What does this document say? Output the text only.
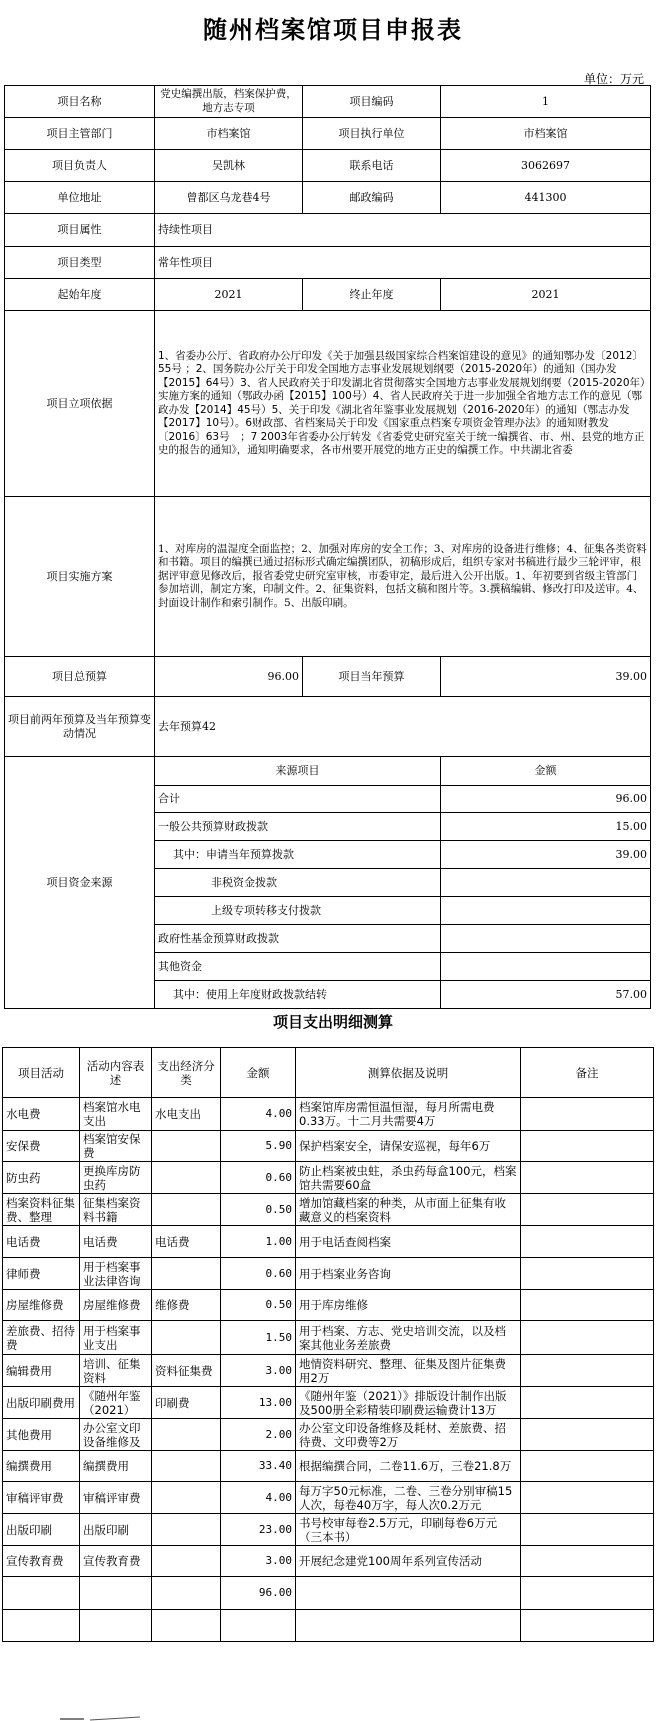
随州档案馆项目申报表
单位：万元
项目名称	党史编撰出版，档案保护费，地方志专项	项目编码	1
项目主管部门	市档案馆	项目执行单位	市档案馆
项目负责人	吴凯林	联系电话	3062697
单位地址	曾都区乌龙巷4号	邮政编码	441300
项目属性	持续性项目		
项目类型	常年性项目		
起始年度	2021	终止年度	2021
项目立项依据	1、省委办公厅、省政府办公厅印发《关于加强县级国家综合档案馆建设的意见》的通知鄂办发〔2012〕55号 ；2、国务院办公厅关于印发全国地方志事业发展规划纲要（2015-2020年）的通知（国办发【2015】64号）3、省人民政府关于印发湖北省贯彻落实全国地方志事业发展规划纲要（2015-2020年）实施方案的通知（鄂政办函【2015】100号）4、省人民政府关于进一步加强全省地方志工作的意见（鄂政办发【2014】45号）5、关于印发《湖北省年鉴事业发展规划（2016-2020年）的通知（鄂志办发【2017】10号）。6财政部、省档案局关于印发《国家重点档案专项资金管理办法》的通知财教发〔2016〕63号　；7 2003年省委办公厅转发《省委党史研究室关于统一编撰省、市、州、县党的地方正史的报告的通知》，通知明确要求，各市州要开展党的地方正史的编撰工作。中共湖北省委		
项目实施方案	1、对库房的温湿度全面监控；2、加强对库房的安全工作；3、对库房的设备进行维修；4、征集各类资料和书籍。项目的编撰已通过招标形式确定编撰团队，初稿形成后，组织专家对书稿进行最少三轮评审，根据评审意见修改后，报省委党史研究室审核，市委审定，最后进入公开出版。1、年初要到省级主管部门参加培训，制定方案，印制文件。2、征集资料，包括文稿和图片等。3.撰稿编辑、修改打印及送审。4、封面设计制作和索引制作。5、出版印刷。		
项目总预算	96.00	项目当年预算	39.00
项目前两年预算及当年预算变动情况	去年预算42		
项目资金来源	来源项目		金额
	合计		96.00
	一般公共预算财政拨款		15.00
	其中：申请当年预算拨款		39.00
	非税资金拨款		
	上级专项转移支付拨款		
	政府性基金预算财政拨款		
	其他资金		
	其中：使用上年度财政拨款结转		57.00
项目支出明细测算
项目活动	活动内容表述	支出经济分类	金额	测算依据及说明	备注
水电费	档案馆水电支出	水电支出	4.00	档案馆库房需恒温恒湿，每月所需电费0.33万。十二月共需要4万	
安保费	档案馆安保费		5.90	保护档案安全，请保安巡视，每年6万	
防虫药	更换库房防虫药		0.60	防止档案被虫蛀，杀虫药每盒100元，档案馆共需要60盒	
档案资料征集费、整理	征集档案资料书籍		0.50	增加馆藏档案的种类，从市面上征集有收藏意义的档案资料	
电话费	电话费	电话费	1.00	用于电话查阅档案	
律师费	用于档案事业法律咨询		0.60	用于档案业务咨询	
房屋维修费	房屋维修费	维修费	0.50	用于库房维修	
差旅费、招待费	用于档案事业支出		1.50	用于档案、方志、党史培训交流，以及档案其他业务差旅费	
编辑费用	培训、征集资料	资料征集费	3.00	地情资料研究、整理、征集及图片征集费用2万	
出版印刷费用	《随州年鉴（2021）	印刷费	13.00	《随州年鉴（2021）》排版设计制作出版及500册全彩精装印刷费运输费计13万	
其他费用	办公室文印设备维修及		2.00	办公室文印设备维修及耗材、差旅费、招待费、文印费等2万	
编撰费用	编撰费用		33.40	根据编撰合同，二卷11.6万，三卷21.8万	
审稿评审费	审稿评审费		4.00	每万字50元标准，二卷、三卷分别审稿15人次，每卷40万字，每人次0.2万元	
出版印刷	出版印刷		23.00	书号校审每卷2.5万元，印刷每卷6万元（三本书）	
宣传教育费	宣传教育费		3.00	开展纪念建党100周年系列宣传活动	
			96.00		
